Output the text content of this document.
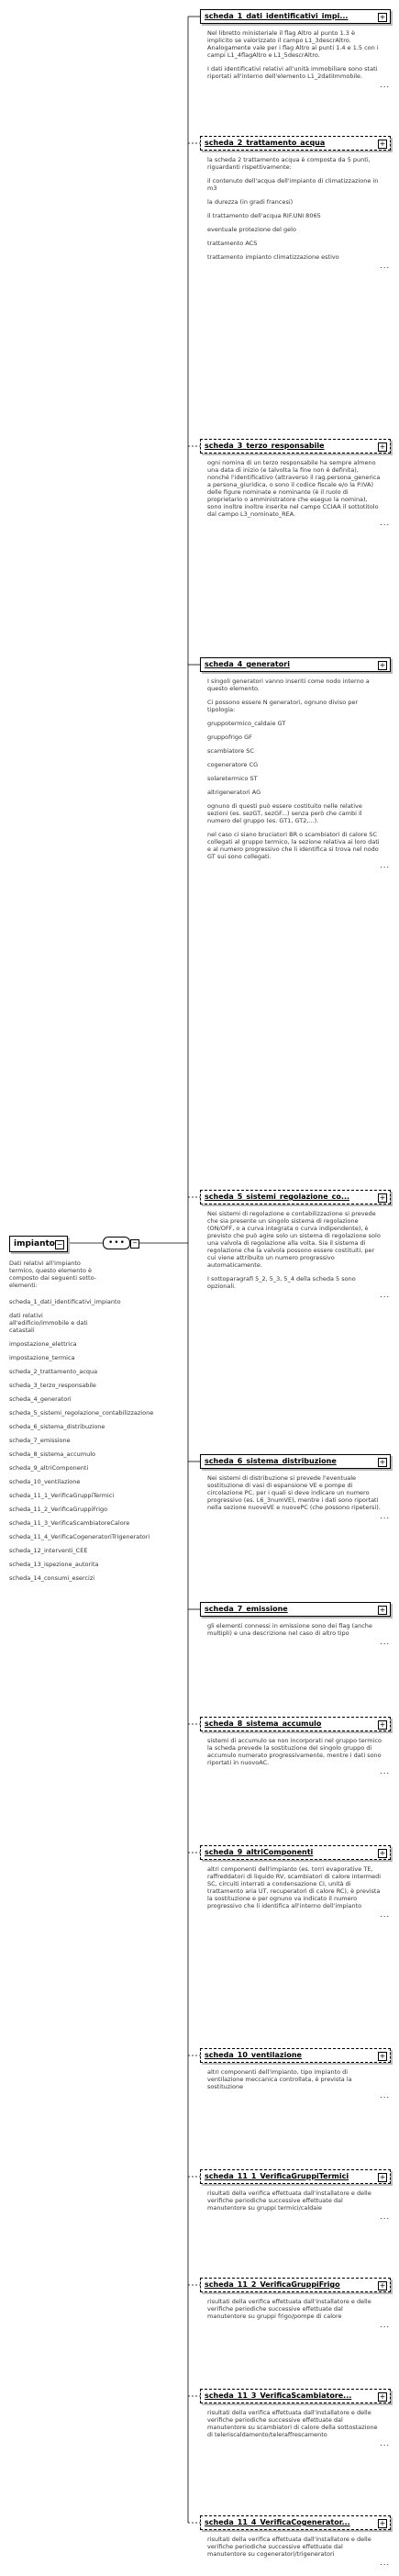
impianto −	••• −

Dati relativi all'impianto termico, questo elemento è composto dai seguenti sotto-elementi:

scheda_1_dati_identificativi_impianto

dati relativi all'edificio/immobile e dati catastali

impostazione_elettrica

impostazione_termica

scheda_2_trattamento_acqua

scheda_3_terzo_responsabile

scheda_4_generatori

scheda_5_sistemi_regolazione_contabilizzazione

scheda_6_sistema_distribuzione

scheda_7_emissione

scheda_8_sistema_accumulo

scheda_9_altriComponenti

scheda_10_ventilazione

scheda_11_1_VerificaGruppiTermici

scheda_11_2_VerificaGruppiFrigo

scheda_11_3_VerificaScambiatoreCalore

scheda_11_4_VerificaCogeneratoriTrigeneratori

scheda_12_interventi_CEE

scheda_13_ispezione_autorita

scheda_14_consumi_esercizi

scheda_1_dati_identificativi_impi...	+

Nel libretto ministeriale il flag Altro al punto 1.3 è implicito se valorizzato il campo L1_3descrAltro. Analogamente vale per i flag Altro ai punti 1.4 e 1.5 con i campi L1_4flagAltro e L1_5descrAltro.

I dati identificativi relativi all'unità immobiliare sono stati riportati all'interno dell'elemento L1_2datiImmobile.

...
scheda_2_trattamento_acqua	+

la scheda 2 trattamento acqua è composta da 5 punti, riguardanti rispettivamente:

il contenuto dell'acqua dell'impianto di climatizzazione in m3

la durezza (in gradi francesi)

il trattamento dell'acqua RIF.UNI 8065

eventuale protezione del gelo

trattamento ACS

trattamento impianto climatizzazione estivo

...
scheda_3_terzo_responsabile	+

ogni nomina di un terzo responsabile ha sempre almeno una data di inizio (e talvolta la fine non è definita), nonché l'identificativo (attraverso il rag.persona_generica a persona_giuridica, o sono il codice fiscale e/o la P.IVA) delle figure nominate e nominante (è il ruolo di proprietario o amministratore che eseguo la nomina), sono inoltre inoltre inserite nel campo CCIAA il sottotitolo dal campo L3_nominato_REA.

...
scheda_4_generatori	+

I singoli generatori vanno inseriti come nodo interno a questo elemento.

Ci possono essere N generatori, ognuno diviso per tipologia:

gruppotermico_caldaie GT

gruppofrigo GF

scambiatore SC

cogeneratore CG

solaretermico ST

altrigeneratori AG

ognuno di questi può essere costituito nelle relative sezioni (es. sezGT, sezGF...) senza però che cambi il numero del gruppo (es. GT1, GT2,...).

nel caso ci siano bruciatori BR o scambiatori di calore SC collegati al gruppo termico, la sezione relativa ai loro dati e al numero progressivo che li identifica si trova nel nodo GT sui sono collegati.

...
scheda_5_sistemi_regolazione_co...	+

Nei sistemi di regolazione e contabilizzazione si prevede che sia presente un singolo sistema di regolazione (ON/OFF, o a curva integrata o curva indipendente), è previsto che può agire solo un sistema di regolazione solo una valvola di regolazione alla volta. Sia il sistema di regolazione che la valvola possono essere costituiti, per cui viene attribuito un numero progressivo automaticamente.

I sottoparagrafi 5_2, 5_3, 5_4 della scheda 5 sono opzionali.

...
scheda_6_sistema_distribuzione	+

Nei sistemi di distribuzione si prevede l'eventuale sostituzione di vasi di espansione VE e pompe di circolazione PC, per i quali si deve indicare un numero progressivo (es. L6_3numVE), mentre i dati sono riportati nella sezione nuoveVE e nuovePC (che possono ripetersi).

...
scheda_7_emissione	+

gli elementi connessi in emissione sono dei flag (anche multipli) e una descrizione nel caso di altro tipo

...
scheda_8_sistema_accumulo	+

sistemi di accumulo se non incorporati nel gruppo termico la scheda prevede la sostituzione del singolo gruppo di accumulo numerato progressivamente, mentre i dati sono riportati in nuovoAC.

...
scheda_9_altriComponenti	+

altri componenti dell'impianto (es. torri evaporative TE, raffreddatori di liquido RV, scambiatori di calore intermedi SC, circuiti interrati a condensazione CI, unità di trattamento aria UT, recuperatori di calore RC), è prevista la sostituzione e per ognuno va indicato il numero progressivo che li identifica all'interno dell'impianto

...
scheda_10_ventilazione	+

altri componenti dell'impianto, tipo impianto di ventilazione meccanica controllata, è prevista la sostituzione

...
scheda_11_1_VerificaGruppiTermici	+

risultati della verifica effettuata dall'installatore e delle verifiche periodiche successive effettuate dal manutentore su gruppi termici/caldaie

...
scheda_11_2_VerificaGruppiFrigo	+

risultati della verifica effettuata dall'installatore e delle verifiche periodiche successive effettuate dal manutentore su gruppi frigo/pompe di calore

...
scheda_11_3_VerificaScambiatore...	+

risultati della verifica effettuata dall'installatore e delle verifiche periodiche successive effettuate dal manutentore su scambiatori di calore della sottostazione di teleriscaldamento/teleraffrescamento

...
scheda_11_4_VerificaCogenerator...	+

risultati della verifica effettuata dall'installatore e delle verifiche periodiche successive effettuate dal manutentore su cogeneratori/trigeneratori

...
